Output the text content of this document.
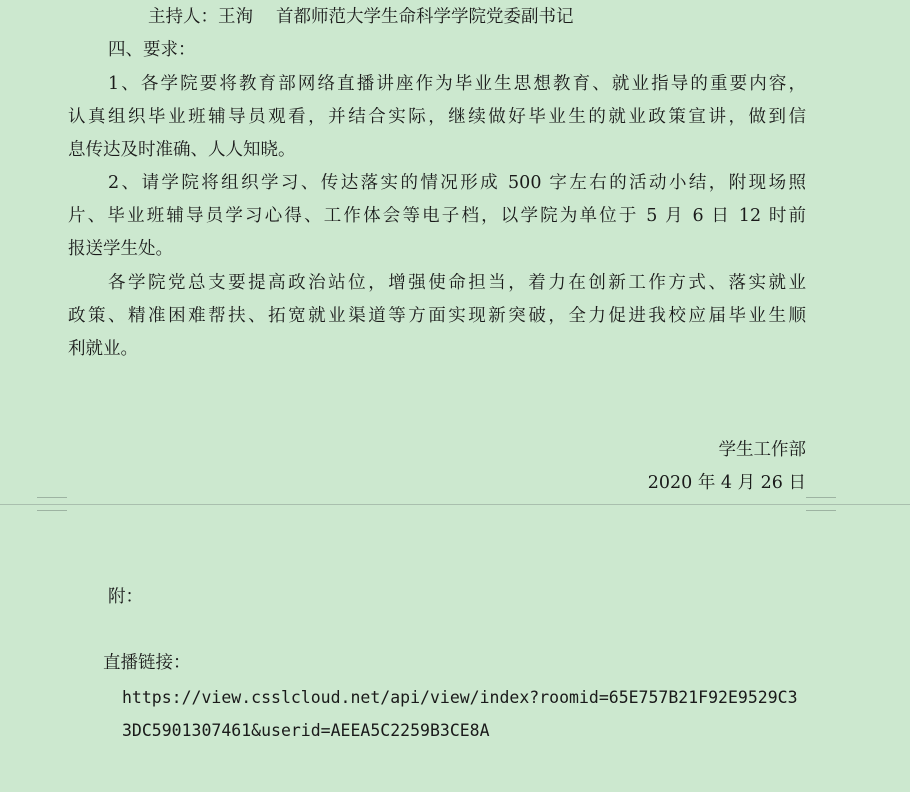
主持人：王洵　 首都师范大学生命科学学院党委副书记
四、要求：
1、各学院要将教育部网络直播讲座作为毕业生思想教育、就业指导的重要内容，
认真组织毕业班辅导员观看，并结合实际，继续做好毕业生的就业政策宣讲，做到信
息传达及时准确、人人知晓。
2、请学院将组织学习、传达落实的情况形成 500 字左右的活动小结，附现场照
片、毕业班辅导员学习心得、工作体会等电子档，以学院为单位于 5 月 6 日 12 时前
报送学生处。
各学院党总支要提高政治站位，增强使命担当，着力在创新工作方式、落实就业
政策、精准困难帮扶、拓宽就业渠道等方面实现新突破，全力促进我校应届毕业生顺
利就业。
学生工作部
2020 年 4 月 26 日
附：
直播链接：
https://view.csslcloud.net/api/view/index?roomid=65E757B21F92E9529C3
3DC5901307461&userid=AEEA5C2259B3CE8A
